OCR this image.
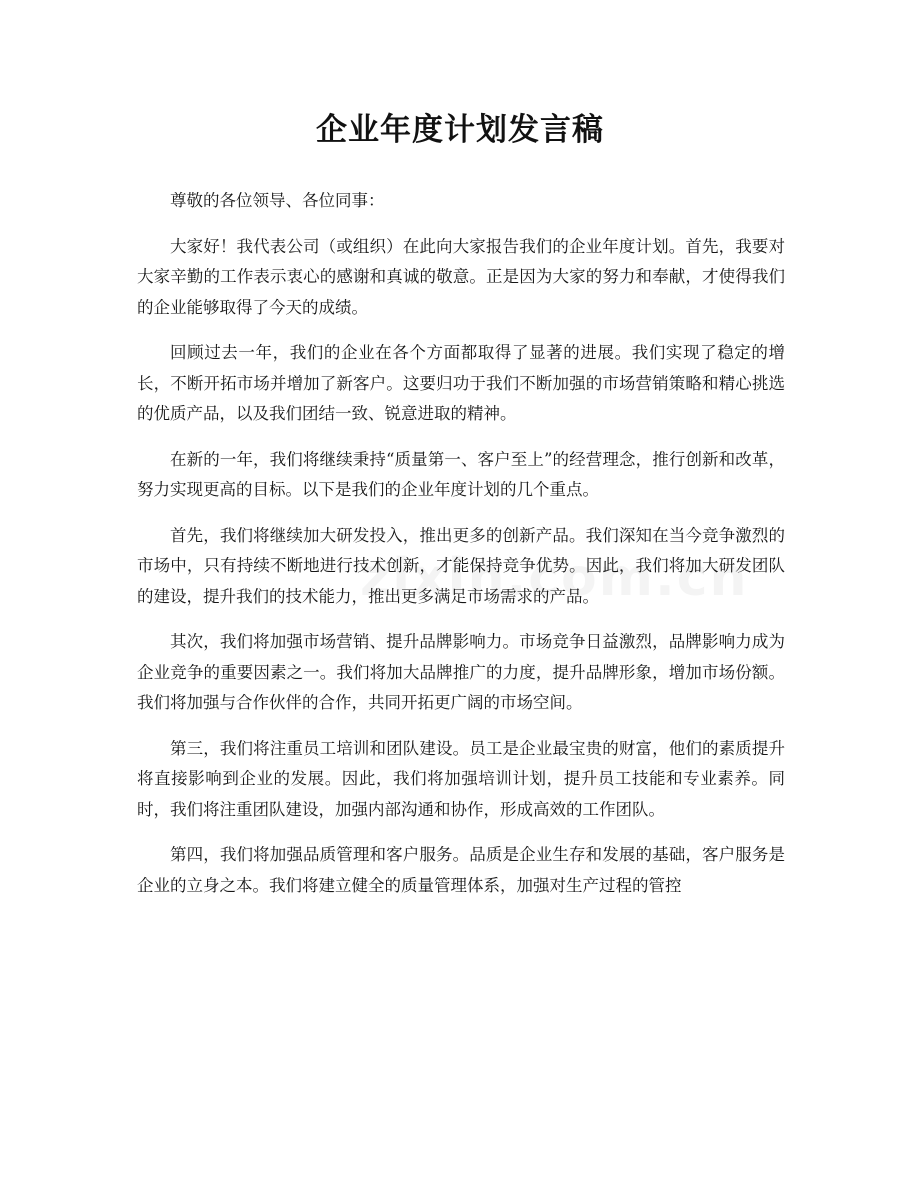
企业年度计划发言稿

尊敬的各位领导、各位同事：

大家好！我代表公司（或组织）在此向大家报告我们的企业年度计划。首先，我要对大家辛勤的工作表示衷心的感谢和真诚的敬意。正是因为大家的努力和奉献，才使得我们的企业能够取得了今天的成绩。

回顾过去一年，我们的企业在各个方面都取得了显著的进展。我们实现了稳定的增长，不断开拓市场并增加了新客户。这要归功于我们不断加强的市场营销策略和精心挑选的优质产品，以及我们团结一致、锐意进取的精神。

在新的一年，我们将继续秉持“质量第一、客户至上”的经营理念，推行创新和改革，努力实现更高的目标。以下是我们的企业年度计划的几个重点。

首先，我们将继续加大研发投入，推出更多的创新产品。我们深知在当今竞争激烈的市场中，只有持续不断地进行技术创新，才能保持竞争优势。因此，我们将加大研发团队的建设，提升我们的技术能力，推出更多满足市场需求的产品。

其次，我们将加强市场营销、提升品牌影响力。市场竞争日益激烈，品牌影响力成为企业竞争的重要因素之一。我们将加大品牌推广的力度，提升品牌形象，增加市场份额。我们将加强与合作伙伴的合作，共同开拓更广阔的市场空间。

第三，我们将注重员工培训和团队建设。员工是企业最宝贵的财富，他们的素质提升将直接影响到企业的发展。因此，我们将加强培训计划，提升员工技能和专业素养。同时，我们将注重团队建设，加强内部沟通和协作，形成高效的工作团队。

第四，我们将加强品质管理和客户服务。品质是企业生存和发展的基础，客户服务是企业的立身之本。我们将建立健全的质量管理体系，加强对生产过程的管控
